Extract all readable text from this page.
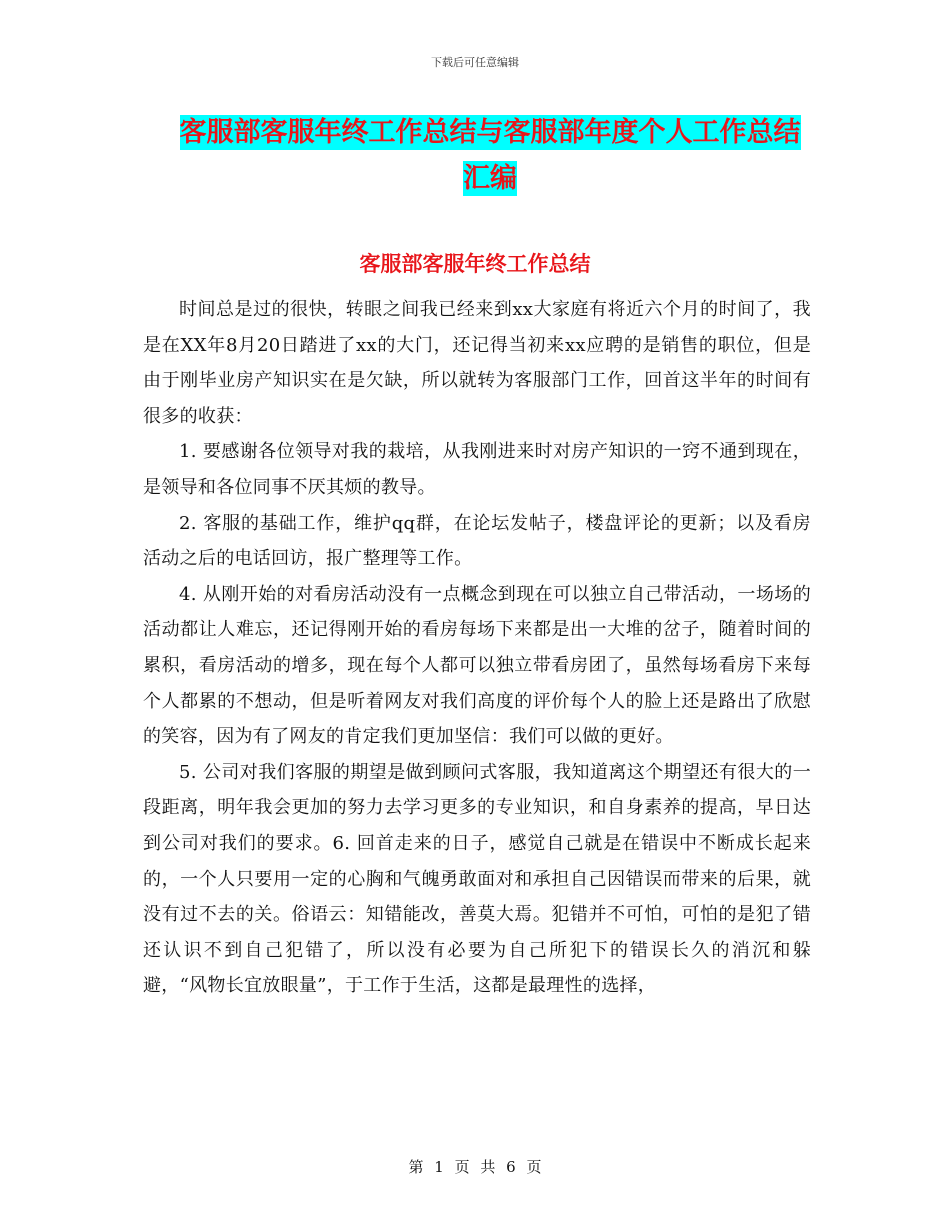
下载后可任意编辑
客服部客服年终工作总结与客服部年度个人工作总结
汇编
客服部客服年终工作总结

时间总是过的很快，转眼之间我已经来到xx大家庭有将近六个月的时间了，我是在XX年8月20日踏进了xx的大门，还记得当初来xx应聘的是销售的职位，但是由于刚毕业房产知识实在是欠缺，所以就转为客服部门工作，回首这半年的时间有很多的收获：

1. 要感谢各位领导对我的栽培，从我刚进来时对房产知识的一窍不通到现在，是领导和各位同事不厌其烦的教导。

2. 客服的基础工作，维护qq群，在论坛发帖子，楼盘评论的更新；以及看房活动之后的电话回访，报广整理等工作。

4. 从刚开始的对看房活动没有一点概念到现在可以独立自己带活动，一场场的活动都让人难忘，还记得刚开始的看房每场下来都是出一大堆的岔子，随着时间的累积，看房活动的增多，现在每个人都可以独立带看房团了，虽然每场看房下来每个人都累的不想动，但是听着网友对我们高度的评价每个人的脸上还是路出了欣慰的笑容，因为有了网友的肯定我们更加坚信：我们可以做的更好。

5. 公司对我们客服的期望是做到顾问式客服，我知道离这个期望还有很大的一段距离，明年我会更加的努力去学习更多的专业知识，和自身素养的提高，早日达到公司对我们的要求。6. 回首走来的日子，感觉自己就是在错误中不断成长起来的，一个人只要用一定的心胸和气魄勇敢面对和承担自己因错误而带来的后果，就没有过不去的关。俗语云：知错能改，善莫大焉。犯错并不可怕，可怕的是犯了错还认识不到自己犯错了，所以没有必要为自己所犯下的错误长久的消沉和躲避，“风物长宜放眼量”，于工作于生活，这都是最理性的选择，

第 1 页 共 6 页
